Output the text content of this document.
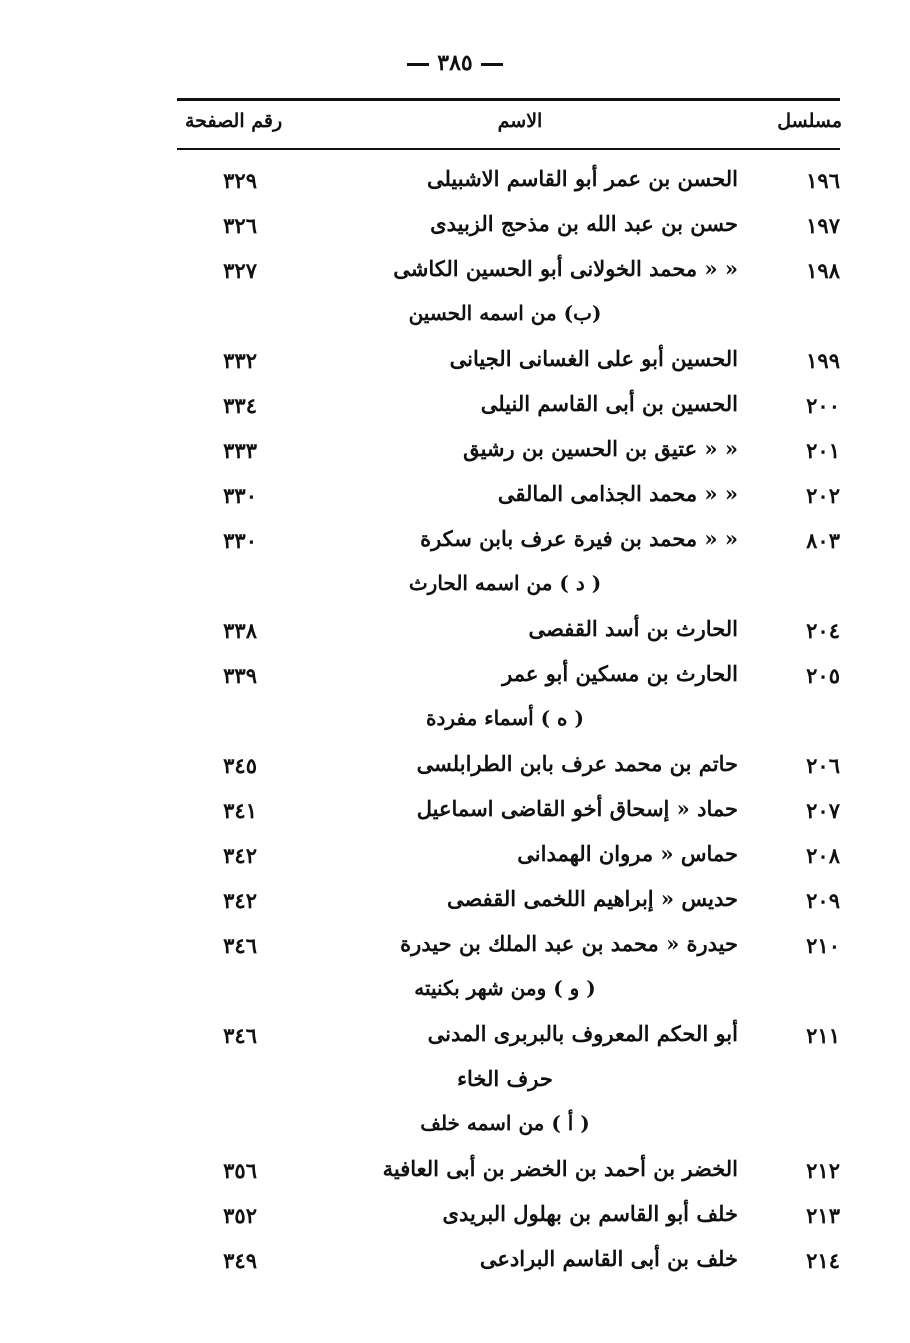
٣٨٥
مسلسل
الاسم
رقم الصفحة
١٩٦
الحسن بن عمر أبو القاسم الاشبيلى
٣٢٩
١٩٧
حسن بن عبد الله بن مذحج الزبيدى
٣٢٦
١٩٨
« « محمد الخولانى أبو الحسين الكاشى
٣٢٧
(ب) من اسمه الحسين
١٩٩
الحسين أبو على الغسانى الجيانى
٣٣٢
٢٠٠
الحسين بن أبى القاسم النيلى
٣٣٤
٢٠١
« « عتيق بن الحسين بن رشيق
٣٣٣
٢٠٢
« « محمد الجذامى المالقى
٣٣٠
٨٠٣
« « محمد بن فيرة عرف بابن سكرة
٣٣٠
( د ) من اسمه الحارث
٢٠٤
الحارث بن أسد القفصى
٣٣٨
٢٠٥
الحارث بن مسكين أبو عمر
٣٣٩
( ه ) أسماء مفردة
٢٠٦
حاتم بن محمد عرف بابن الطرابلسى
٣٤٥
٢٠٧
حماد « إسحاق أخو القاضى اسماعيل
٣٤١
٢٠٨
حماس « مروان الهمدانى
٣٤٢
٢٠٩
حديس « إبراهيم اللخمى القفصى
٣٤٢
٢١٠
حيدرة « محمد بن عبد الملك بن حيدرة
٣٤٦
( و ) ومن شهر بكنيته
٢١١
أبو الحكم المعروف بالبربرى المدنى
٣٤٦
حرف الخاء
( أ ) من اسمه خلف
٢١٢
الخضر بن أحمد بن الخضر بن أبى العافية
٣٥٦
٢١٣
خلف أبو القاسم بن بهلول البريدى
٣٥٢
٢١٤
خلف بن أبى القاسم البرادعى
٣٤٩
